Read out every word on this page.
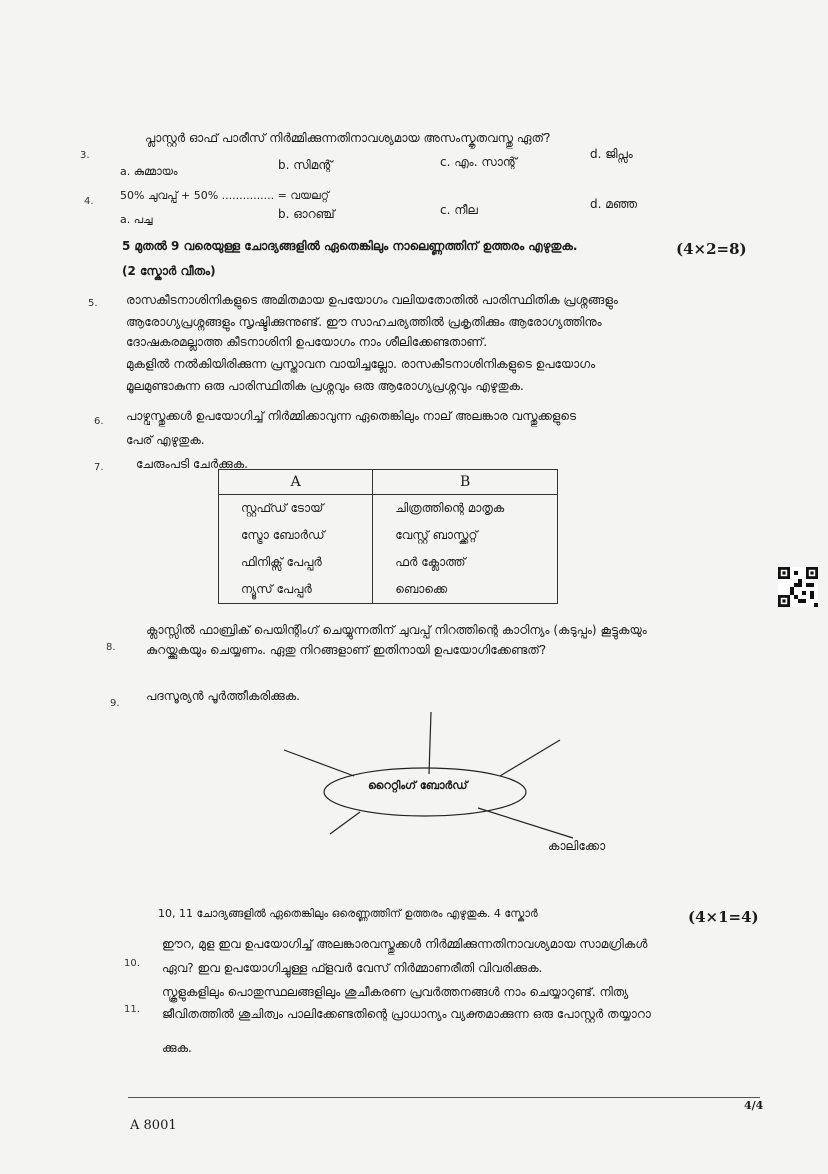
3.
പ്ലാസ്റ്റർ ഓഫ് പാരീസ് നിർമ്മിക്കുന്നതിനാവശ്യമായ അസംസ്കൃതവസ്തു ഏത്?
a. കുമ്മായം	b. സിമന്റ്	c. എം. സാന്റ്
d. ജിപ്സം
4. 50% ചുവപ്പ് + 50% ............... = വയലറ്റ്
a. പച്ച	b. ഓറഞ്ച്	c. നീല	d. മഞ്ഞ
5 മുതൽ 9 വരെയുള്ള ചോദ്യങ്ങളിൽ ഏതെങ്കിലും നാലെണ്ണത്തിന് ഉത്തരം എഴുതുക.	(4×2=8)
(2 സ്കോർ വീതം)
5. രാസകീടനാശിനികളുടെ അമിതമായ ഉപയോഗം വലിയതോതിൽ പാരിസ്ഥിതിക പ്രശ്നങ്ങളും
ആരോഗ്യപ്രശ്നങ്ങളും സൃഷ്ടിക്കുന്നുണ്ട്. ഈ സാഹചര്യത്തിൽ പ്രകൃതിക്കും ആരോഗ്യത്തിനും
ദോഷകരമല്ലാത്ത കീടനാശിനി ഉപയോഗം നാം ശീലിക്കേണ്ടതാണ്.
മുകളിൽ നൽകിയിരിക്കുന്ന പ്രസ്താവന വായിച്ചല്ലോ. രാസകീടനാശിനികളുടെ ഉപയോഗം
മൂലമുണ്ടാകുന്ന ഒരു പാരിസ്ഥിതിക പ്രശ്നവും ഒരു ആരോഗ്യപ്രശ്നവും എഴുതുക.
6. പാഴ്വസ്തുക്കൾ ഉപയോഗിച്ച് നിർമ്മിക്കാവുന്ന ഏതെങ്കിലും നാല് അലങ്കാര വസ്തുക്കളുടെ
പേര് എഴുതുക.
7.	ചേരുംപടി ചേർക്കുക.
A	B
സ്റ്റഫ്ഡ് ടോയ്	ചിത്രത്തിന്റെ മാതൃക
സ്ട്രോ ബോർഡ്	വേസ്റ്റ് ബാസ്ക്കറ്റ്
ഫിനിക്സ് പേപ്പർ	ഫർ ക്ലോത്ത്
ന്യൂസ് പേപ്പർ	ബൊക്കെ
8.
ക്ലാസ്സിൽ ഫാബ്രിക് പെയിന്റിംഗ് ചെയ്യുന്നതിന് ചുവപ്പ് നിറത്തിന്റെ കാഠിന്യം (കടുപ്പം) കൂട്ടുകയും
കുറയ്ക്കുകയും ചെയ്യണം. ഏതു നിറങ്ങളാണ് ഇതിനായി ഉപയോഗിക്കേണ്ടത്?
9.
പദസൂര്യൻ പൂർത്തീകരിക്കുക.
റൈറ്റിംഗ് ബോർഡ്
കാലിക്കോ
10, 11 ചോദ്യങ്ങളിൽ ഏതെങ്കിലും ഒരെണ്ണത്തിന് ഉത്തരം എഴുതുക. 4 സ്കോർ	(4×1=4)
10.
ഈറ, മുള ഇവ ഉപയോഗിച്ച് അലങ്കാരവസ്തുക്കൾ നിർമ്മിക്കുന്നതിനാവശ്യമായ സാമഗ്രികൾ
ഏവ? ഇവ ഉപയോഗിച്ചുള്ള ഫ്ളവർ വേസ് നിർമ്മാണരീതി വിവരിക്കുക.
11.
സ്കൂളുകളിലും പൊതുസ്ഥലങ്ങളിലും ശുചീകരണ പ്രവർത്തനങ്ങൾ നാം ചെയ്യാറുണ്ട്. നിത്യ
ജീവിതത്തിൽ ശുചിത്വം പാലിക്കേണ്ടതിന്റെ പ്രാധാന്യം വ്യക്തമാക്കുന്ന ഒരു പോസ്റ്റർ തയ്യാറാ
ക്കുക.
4/4
A 8001
